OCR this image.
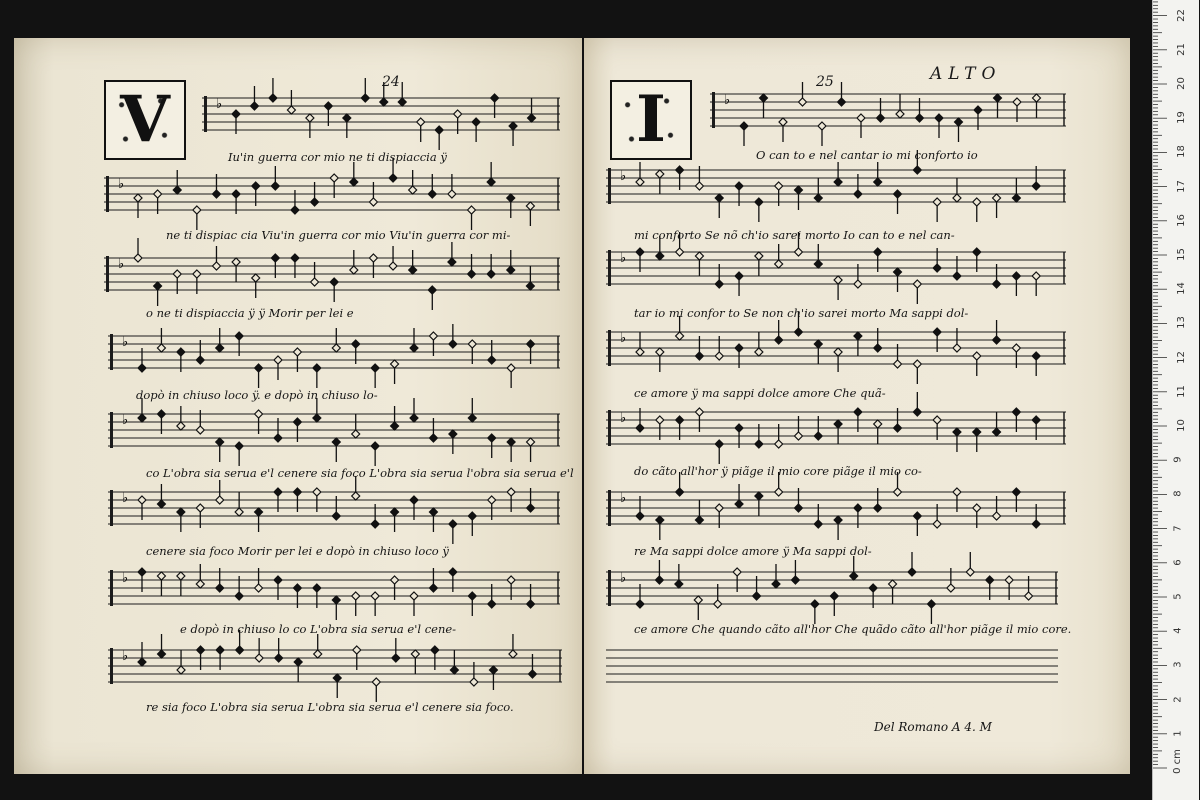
24
V	25	ALTO
I
Del Romano A 4. M
Iu'in guerra cor mio ne ti dispiaccia ÿ
ne ti dispiac cia Viu'in guerra cor mio Viu'in guerra cor mi-
o ne ti dispiaccia ÿ ÿ Morir per lei e
dopò in chiuso loco ÿ. e dopò in chiuso lo-
co L'obra sia serua e'l cenere sia foco L'obra sia serua l'obra sia serua e'l
cenere sia foco Morir per lei e dopò in chiuso loco ÿ
e dopò in chiuso lo co L'obra sia serua e'l cene-
re sia foco L'obra sia serua L'obra sia serua e'l cenere sia foco.
O can to e nel cantar io mi conforto io
mi conforto Se nõ ch'io sarei morto Io can to e nel can-
tar io mi confor to Se non ch'io sarei morto Ma sappi dol-
ce amore ÿ ma sappi dolce amore Che quã-
do cãto all'hor ÿ piãge il mio core piãge il mio co-
re Ma sappi dolce amore ÿ Ma sappi dol-
ce amore Che quando cãto all'hor Che quãdo cãto all'hor piãge il mio core.
♭
♭
♭
♭
♭
♭
♭
♭
♭
♭
♭
♭
♭
♭
♭
0 cm
1
2
3
4
5
6
7
8
9
10
11
12
13
14
15
16
17
18
19
20
21
22
